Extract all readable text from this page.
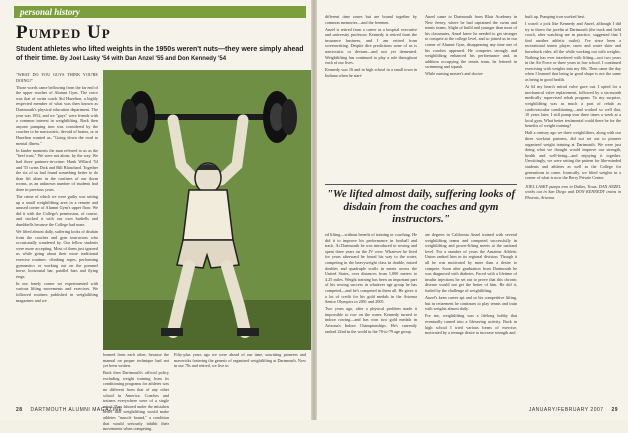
personal history
Pumped Up
Student athletes who lifted weights in the 1950s weren't nuts—they were simply ahead of their time. By Joel Lasky '54 with Dan Anzel '55 and Don Kennedy '54

"WHAT DO YOU GUYS THINK YOU'RE DOING?"

Those words came bellowing from the far end of the upper reaches of Alumni Gym. The voice was that of swim coach Sid Hazelton, a highly respected member of what was then known as Dartmouth's physical education department. The year was 1952, and we "guys" were friends with a common interest in weightlifting. Back then anyone pumping iron was considered by the coaches to be narcissistic, devoid of brains, or at Hazelton wanted us, "Going down the road to mental illness."

In kinder moments the man referred to us as the "beef trust." We were not alone, by the way. We had three partners-in-crime: Hank Willard '54 and '55 twins Dick and Bill Blanchard. Together the six of us had found something better to do than lift alone in the confines of our dorm rooms, as an unknown number of students had done in previous years.

The crime of which we were guilty was setting up a small weightlifting area in a remote and unused corner of Alumni Gym's upper floor. We did it with the College's permission, of course, and stocked it with our own barbells and dumbbells because the College had none.

We lifted almost daily, suffering looks of disdain from the coaches and gym instructors who occasionally wandered by. Our fellow students were more accepting. Most of them just ignored us while going about their more traditional exercise routines: climbing ropes, performing gymnastics or working out on the pommel horse, horizontal bar, parallel bars and flying rings.

In our lonely corner we experimented with various lifting movements and exercises. We followed routines published in weightlifting magazines and we

learned from each other, because the manual on proper technique had not yet been written.

Back then Dartmouth's official policy excluding weight training from its conditioning programs for athletes was no different from that of any other school in America. Coaches and trainers everywhere were of a single mind: They labored under the mistaken belief that weightlifting would make athletes "muscle bound," a condition that would seriously inhibit their movements when competing.

Fifty-plus years ago we were ahead of our time, unwitting pioneers and mavericks fostering the genesis of organized weightlifting at Dartmouth. Now in our 70s and retired, we live in

28 DARTMOUTH ALUMNI MAGAZINE

different time zones but are bound together by common memories—and the freemen.

Anzel is retired from a career as a hospital executive and university professor; Kennedy is retired from the insurance business, and I am retired from screenwriting. Despite dire predictions none of us is narcissistic or deviant—and not yet demented. Weightlifting has continued to play a role throughout each of our lives.

Kennedy was 16 and in high school in a small town in Indiana when he start-

Anzel came to Dartmouth from Blair Academy in New Jersey, where he had captained the swim and tennis teams. Slight of build and younger than most of his classmates, Anzel knew he needed to get stronger to compete at the college level, and so joined us in our corner of Alumni Gym, disappearing any time one of his coaches appeared. He competes strongly and weightlifting enhanced his performance and, in addition occupying the tennis team, he lettered in swimming and squash.

While earning master's and doctor-

built up. Pumping iron worked best.

I wasn't a jock like Kennedy and Anzel, although I did try to throw the javelin at Dartmouth (the track and field coach, after watching me in practice, suggested that I find another athletic outlet). I've since been a recreational tennis player, snow and water skier and horseback rider, all the while working out with weights. Nothing has ever interfered with lifting—not two years in the Air Force or three years in law school. I continued exercising with weights into my 60s. Then came the day when I learned that being in good shape is not the same as being in good health.

At 64 my heart's mitral valve gave out. I opted for a mechanical valve replacement, followed by a six-month medically supervised rehab program. To my surprise, weightlifting was as much a part of rehab as cardiovascular conditioning—and worked so well that, 10 years later, I still pump iron three times a week at a local gym. What better testimonial could there be for the benefits of weight training?

Half a century ago we three weightlifters, along with our three workout partners, did not set out to pioneer organized weight training at Dartmouth. We were just doing what we thought would improve our strength, health and well-being—and enjoying it together. Unwittingly, we were setting the pattern for like-minded students and athletes as well as the College for generations to come. Ironically, we lifted weights in a corner of what is now the Berry Private Center.

JOEL LASKY pumps iron in Dallas, Texas. DAN ANZEL works out in San Diego and DON KENNEDY trains in Phoenix, Arizona.

"We lifted almost daily, suffering looks of disdain from the coaches and gym instructors."

ed lifting—without benefit of training or coaching. He did it to improve his performance in football and track. At Dartmouth he was introduced to rowing and spent three years on the JV crew. Whatever he lived for years afterward he found his way to the water, competing in the heavyweight class in double, mixed doubles and quadruple sculls in meets across the United States, over distances from 1,000 meters to 4.25 miles. Weight training has been an important part of his rowing success in whatever age group he has competed—and he's competed in them all. He gives it a lot of credit for his gold medals in the Arizona Senior Olympics in 2001 and 2005.

Two years ago, after a physical problem made it impossible to row on the water, Kennedy turned to indoor rowing—and has won two gold medals in Arizona's Indoor Championships. He's currently ranked 22nd in the world in the 70-to-79 age group.

ate degrees in California Anzel trained with several weightlifting teams and competed successfully in weightlifting and power-lifting meets at the national level. For a number of years the Amateur Athletic Union ranked him in its regional division. Though it all he was motivated by more than a desire to compete. Soon after graduation from Dartmouth he was diagnosed with diabetes. Faced with a lifetime of insulin injections he set out to prove that this chronic disease would not get the better of him. He did it, fueled by the challenge of weightlifting.

Anzel's keen career spt and so his competitive lifting, but in retirement he continues to play tennis and train with weights almost daily.

For me, weightlifting was a lifelong hobby that eventually turned into a lifesaving activity. Back in high school I tried various forms of exercise, motivated by a teenage desire to increase strength and

JANUARY/FEBRUARY 2007 29
